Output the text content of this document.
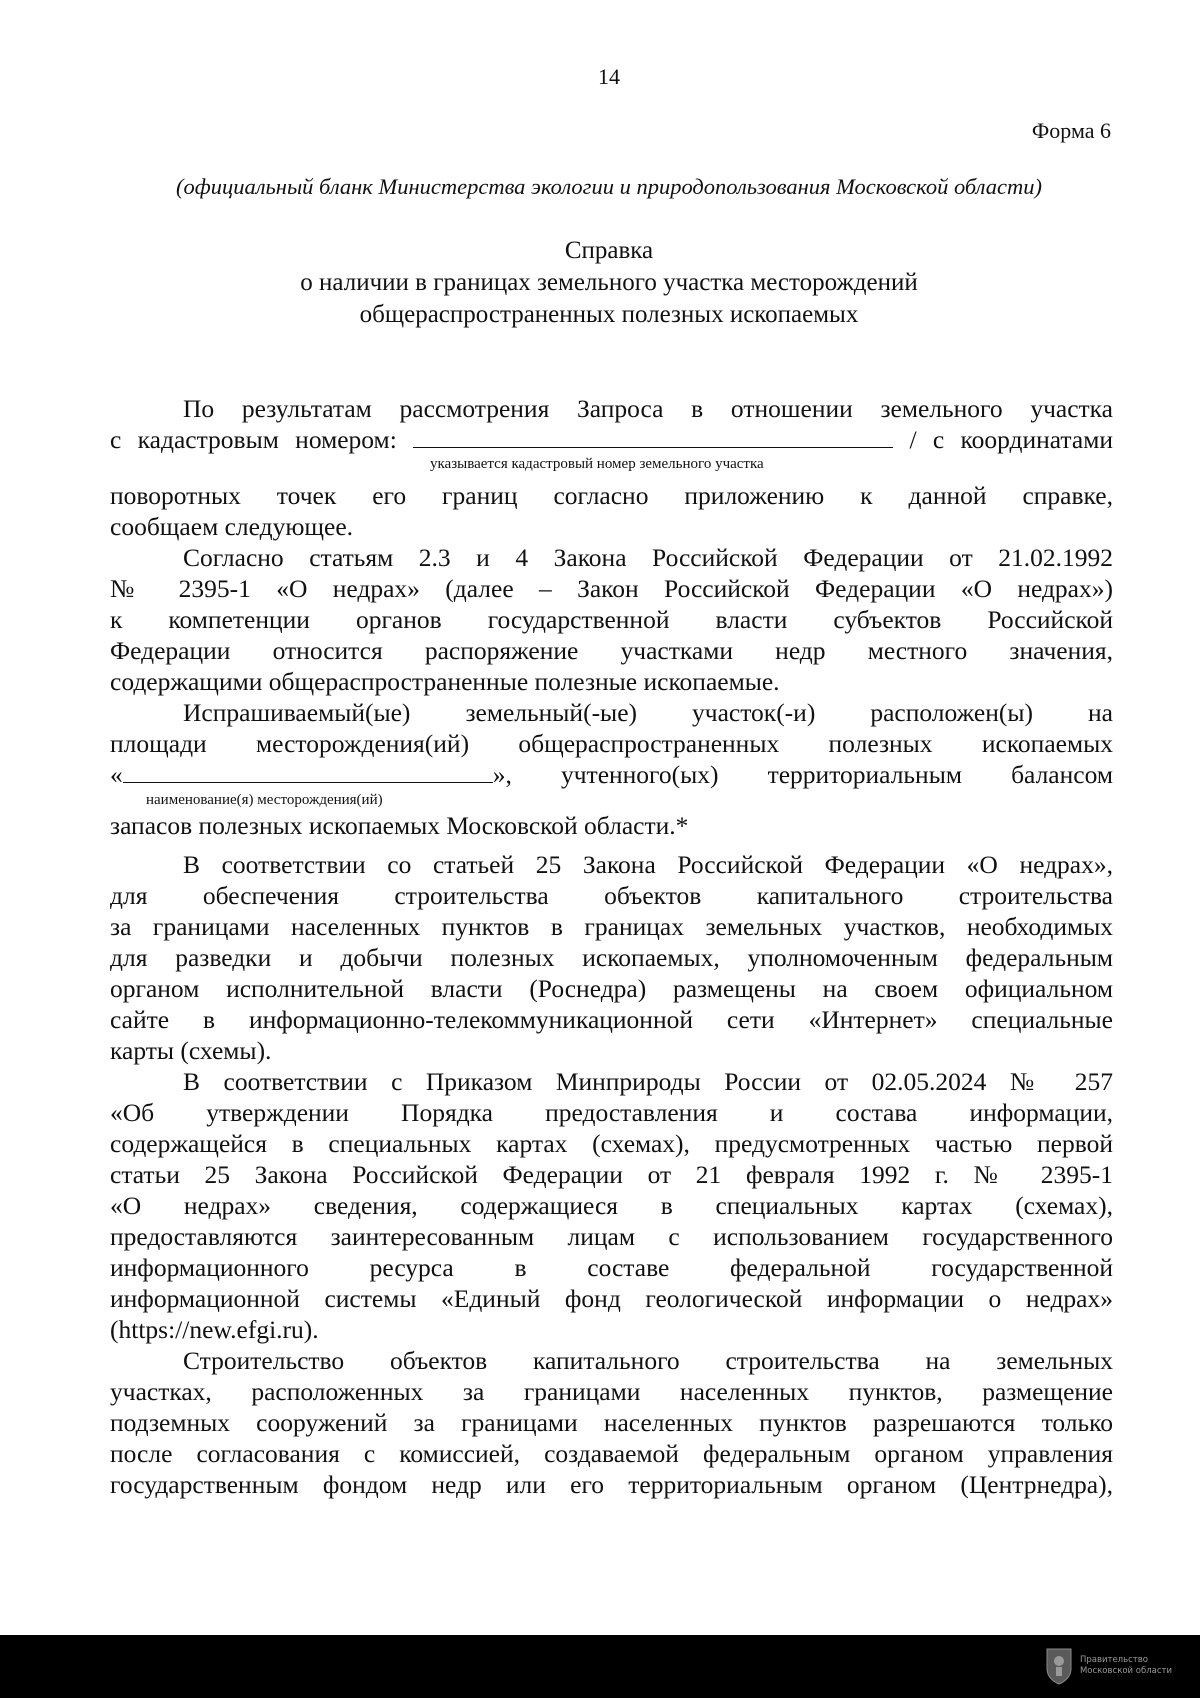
14
Форма 6
(официальный бланк Министерства экологии и природопользования Московской области)
Справка
о наличии в границах земельного участка месторождений
общераспространенных полезных ископаемых
По результатам рассмотрения Запроса в отношении земельного участка
с кадастровым номером:	/ с координатами
указывается кадастровый номер земельного участка
поворотных точек его границ согласно приложению к данной справке,
сообщаем следующее.
Согласно статьям 2.3 и 4 Закона Российской Федерации от 21.02.1992
№ 2395-1 «О недрах» (далее – Закон Российской Федерации «О недрах»)
к компетенции органов государственной власти субъектов Российской
Федерации относится распоряжение участками недр местного значения,
содержащими общераспространенные полезные ископаемые.
Испрашиваемый(ые) земельный(-ые) участок(-и) расположен(ы) на
площади месторождения(ий) общераспространенных полезных ископаемых
«	», учтенного(ых) территориальным балансом
наименование(я) месторождения(ий)
запасов полезных ископаемых Московской области.*
В соответствии со статьей 25 Закона Российской Федерации «О недрах»,
для обеспечения строительства объектов капитального строительства
за границами населенных пунктов в границах земельных участков, необходимых
для разведки и добычи полезных ископаемых, уполномоченным федеральным
органом исполнительной власти (Роснедра) размещены на своем официальном
сайте в информационно-телекоммуникационной сети «Интернет» специальные
карты (схемы).
В соответствии с Приказом Минприроды России от 02.05.2024 № 257
«Об утверждении Порядка предоставления и состава информации,
содержащейся в специальных картах (схемах), предусмотренных частью первой
статьи 25 Закона Российской Федерации от 21 февраля 1992 г. № 2395-1
«О недрах» сведения, содержащиеся в специальных картах (схемах),
предоставляются заинтересованным лицам с использованием государственного
информационного ресурса в составе федеральной государственной
информационной системы «Единый фонд геологической информации о недрах»
(https://new.efgi.ru).
Строительство объектов капитального строительства на земельных
участках, расположенных за границами населенных пунктов, размещение
подземных сооружений за границами населенных пунктов разрешаются только
после согласования с комиссией, создаваемой федеральным органом управления
государственным фондом недр или его территориальным органом (Центрнедра),
Правительство
Московской области
